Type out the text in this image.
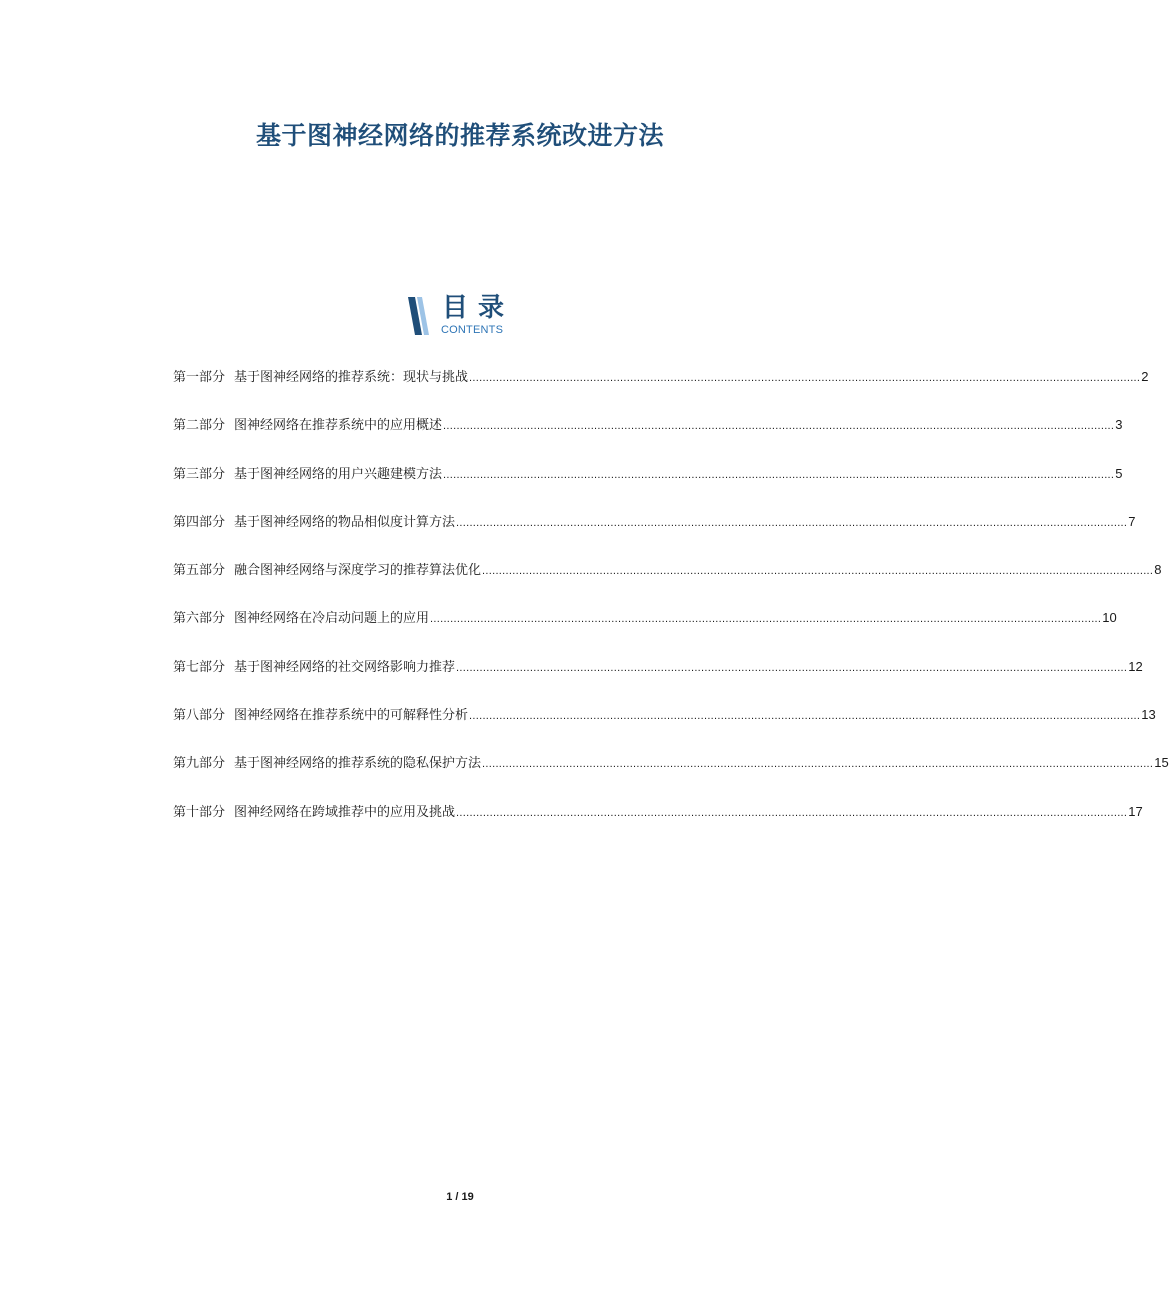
基于图神经网络的推荐系统改进方法
目录
CONTENTS
第一部分 基于图神经网络的推荐系统：现状与挑战 ........................................................................................................................................................................................................ 2
第二部分 图神经网络在推荐系统中的应用概述 ........................................................................................................................................................................................................ 3
第三部分 基于图神经网络的用户兴趣建模方法 ........................................................................................................................................................................................................ 5
第四部分 基于图神经网络的物品相似度计算方法 ........................................................................................................................................................................................................ 7
第五部分 融合图神经网络与深度学习的推荐算法优化 ........................................................................................................................................................................................................ 8
第六部分 图神经网络在冷启动问题上的应用 ........................................................................................................................................................................................................ 10
第七部分 基于图神经网络的社交网络影响力推荐 ........................................................................................................................................................................................................ 12
第八部分 图神经网络在推荐系统中的可解释性分析 ........................................................................................................................................................................................................ 13
第九部分 基于图神经网络的推荐系统的隐私保护方法 ........................................................................................................................................................................................................ 15
第十部分 图神经网络在跨域推荐中的应用及挑战 ........................................................................................................................................................................................................ 17
1 / 19
